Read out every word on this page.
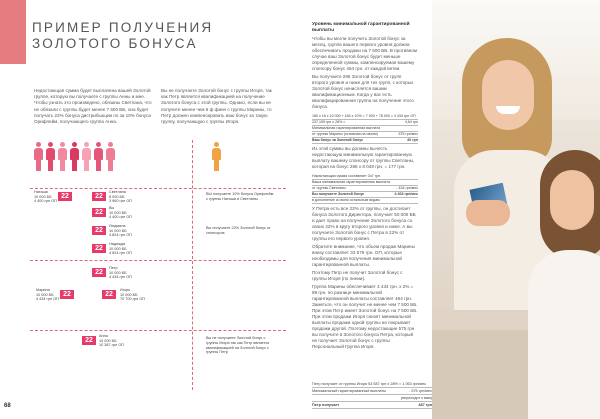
ПРИМЕР ПОЛУЧЕНИЯ
ЗОЛОТОГО БОНУСА
Недостающая сумма будет выплачена вашей Золотой группе, которую вы получаете с группы Анны и мне. Чтобы узнать это произведено, обязаны Светлана, что не обязали с группы будет менее 7 500 ББ, она будет получать 22% бонуса дистрибьюции по за 10% бонуса Орифлейм, получающего группа Анна.
Вы не получаете Золотой бонус с группы Игоря, так как Петр является квалификацией на получение Золотого бонуса с этой группы. Однако, если вы не получите менее чем 6 ф финн с группы Марины, то Петр должен компенсировать ваш бонус за такую группу, получающую с группы Игоря.
22
Наташа
10 000 ББ
4 400 грн ОП
22
Светлана
8 000 ББ
3 960 грн ОП
22
Вы
10 000 ББ
4 400 грн ОП
22
Людмила
10 000 ББ
4 824 грн ОП
22
Надежда
10 000 ББ
4 824 грн ОП
22
Петр
10 000 ББ
4 434 грн ОП
22
Марина
10 000 ББ
4 434 грн ОП
22
Игорь
10 000 ББ
70 700 грн ОП
22
Анна
10 000 ББ
10 387 грн ОП
ВЫ получаете 10% бонуса Орифлейм с группы Наташи и Светланы
Вы получаете 22% Золотой бонус от спонсоров
Вы не получаете Золотой бонус с группы Игоря так как Петр является квалификацией на Золотой бонус с группы Петр
68
Уровень минимальной гарантированной выплаты

Чтобы вы могли получить Золотой бонус за месяц, группа вашего первого уровня должна обеспечивать продажи на 7 500 ББ. В противном случае ваш Золотой бонус будет меньше определенной суммы, компенсируемая вашему спонсору бонус 464 грн. от каждой ветви.

Вы получаете 286 Золотой бонус от групп второго уровня и ниже для тех групп, с которых Золотой бонус начисляется вашим квалификационным. Когда у вас есть квалифицированная группа на получение этого бонуса.

180 х 16 х 10 000 + 164 х 10% = 7 500 + 78 000 = 4 434 грн ОП
237,199 грн х 28% =	4,64 грн
Минимальная гарантированная выплата
от группы Марины (основная на своем)	575 грн/мес
Ваш бонус за Золотой бонус	40 грн

Из этой суммы вы должны вычесть недостающую минимальную гарантированную выплату вашему спонсору от группы Светланы, которая на бонус 286 х 8 048 грн. = 177 грн.

Нарастающая сумма составляет 347 грн.
Ваша минимальная гарантированная выплата
от группы Светланы	- 434 грн/мес
Вы получаете Золотой бонус	4 403 грн/мес
в дополнение ко всем остальным видам

У Петра есть все 22% от группы, он достигает бонуса Золотого Директора, получает 50 000 ББ и дает право на получение Золотого бонуса со своих 22% в кругу второго уровня и ниже. А вы получаете Золотой бонус с Петра в 22% от группы его первого уровня.

Обратите внимание, что объем продаж Марины внизу составляет 33 579 грн. ОП, которые необходимы для получения минимальной гарантированной выплаты.

Поэтому Петр не получит Золотой бонус с группы Игоря (по линии).

Группа Марины обеспечивает 4 434 грн. х 2% = 89 грн. по разнице минимальной гарантированной выплаты составляет 464 грн. Заметьте, что он получит не менее чем 7 500 ББ. При этом Петр имеет Золотой бонус на 7 500 ББ. При этом продажи Игоря снизят минимальной выплаты продажи одной группы не покрывает продажи другой. Поэтому недостающие 575 грн вы получите в Золотого бонуса Петра, который не получает Золотой бонус с группы Персональный Группа Игоря.

Петр получает от группы Игоря 53 587 грн х 28% = 1 063 грн/мес
Минимальный гарантированный выплаты	- 575 грн/мес
(переходит к вам)
Петр получает	487 грн
